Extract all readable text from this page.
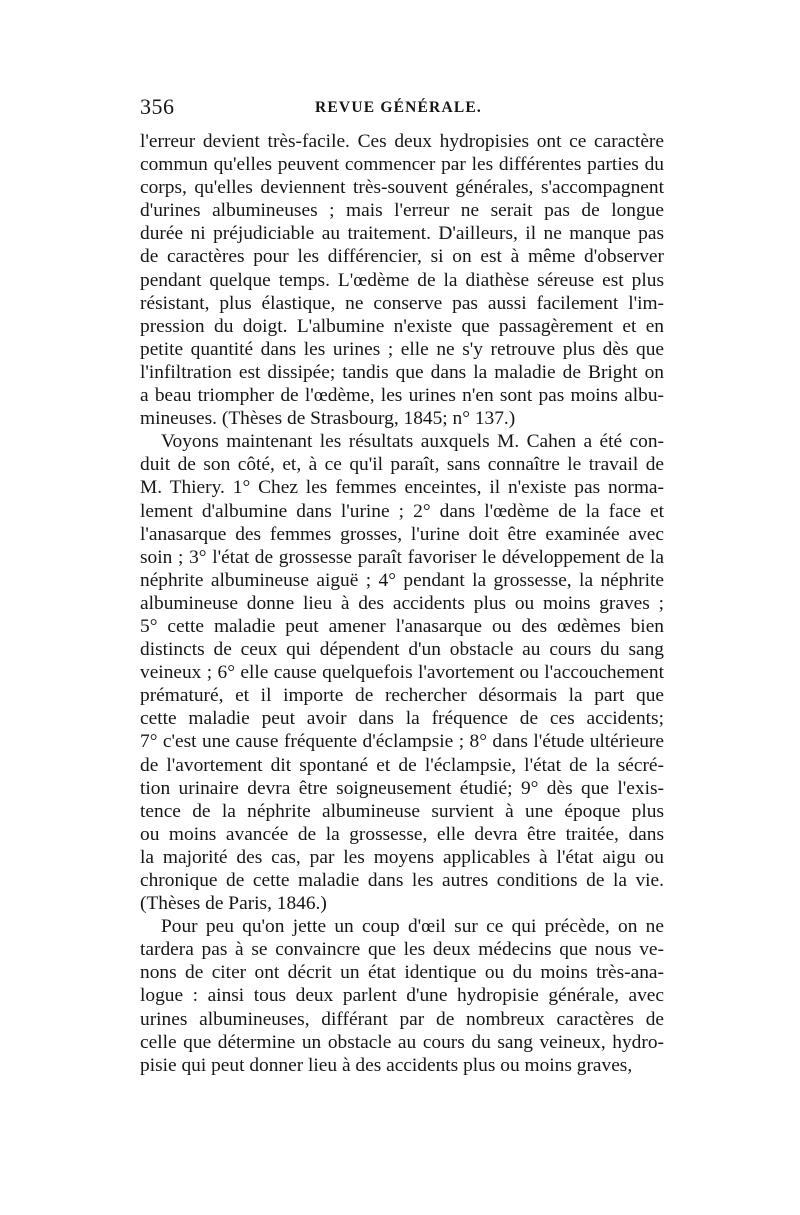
356	REVUE GÉNÉRALE.
l'erreur devient très-facile. Ces deux hydropisies ont ce caractère
commun qu'elles peuvent commencer par les différentes parties du
corps, qu'elles deviennent très-souvent générales, s'accompagnent
d'urines albumineuses ; mais l'erreur ne serait pas de longue
durée ni préjudiciable au traitement. D'ailleurs, il ne manque pas
de caractères pour les différencier, si on est à même d'observer
pendant quelque temps. L'œdème de la diathèse séreuse est plus
résistant, plus élastique, ne conserve pas aussi facilement l'im-
pression du doigt. L'albumine n'existe que passagèrement et en
petite quantité dans les urines ; elle ne s'y retrouve plus dès que
l'infiltration est dissipée; tandis que dans la maladie de Bright on
a beau triompher de l'œdème, les urines n'en sont pas moins albu-
mineuses. (Thèses de Strasbourg, 1845; n° 137.)
Voyons maintenant les résultats auxquels M. Cahen a été con-
duit de son côté, et, à ce qu'il paraît, sans connaître le travail de
M. Thiery. 1° Chez les femmes enceintes, il n'existe pas norma-
lement d'albumine dans l'urine ; 2° dans l'œdème de la face et
l'anasarque des femmes grosses, l'urine doit être examinée avec
soin ; 3° l'état de grossesse paraît favoriser le développement de la
néphrite albumineuse aiguë ; 4° pendant la grossesse, la néphrite
albumineuse donne lieu à des accidents plus ou moins graves ;
5° cette maladie peut amener l'anasarque ou des œdèmes bien
distincts de ceux qui dépendent d'un obstacle au cours du sang
veineux ; 6° elle cause quelquefois l'avortement ou l'accouchement
prématuré, et il importe de rechercher désormais la part que
cette maladie peut avoir dans la fréquence de ces accidents;
7° c'est une cause fréquente d'éclampsie ; 8° dans l'étude ultérieure
de l'avortement dit spontané et de l'éclampsie, l'état de la sécré-
tion urinaire devra être soigneusement étudié; 9° dès que l'exis-
tence de la néphrite albumineuse survient à une époque plus
ou moins avancée de la grossesse, elle devra être traitée, dans
la majorité des cas, par les moyens applicables à l'état aigu ou
chronique de cette maladie dans les autres conditions de la vie.
(Thèses de Paris, 1846.)
Pour peu qu'on jette un coup d'œil sur ce qui précède, on ne
tardera pas à se convaincre que les deux médecins que nous ve-
nons de citer ont décrit un état identique ou du moins très-ana-
logue : ainsi tous deux parlent d'une hydropisie générale, avec
urines albumineuses, différant par de nombreux caractères de
celle que détermine un obstacle au cours du sang veineux, hydro-
pisie qui peut donner lieu à des accidents plus ou moins graves,
